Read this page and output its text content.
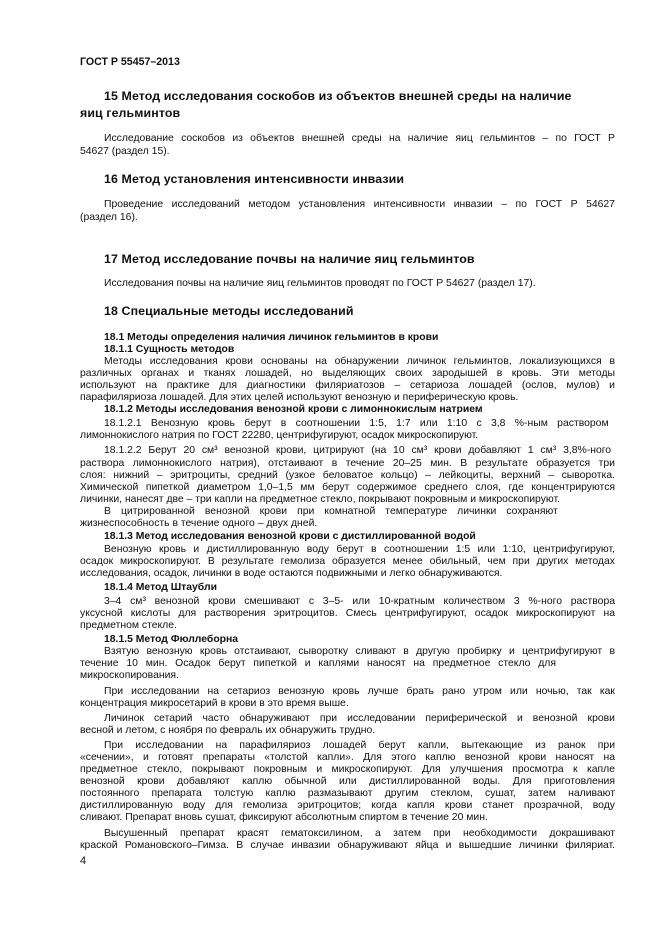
ГОСТ Р 55457–2013
15 Метод исследования соскобов из объектов внешней среды на наличие
яиц гельминтов
Исследование соскобов из объектов внешней среды на наличие яиц гельминтов – по ГОСТ Р
54627 (раздел 15).
16 Метод установления интенсивности инвазии
Проведение исследований методом установления интенсивности инвазии – по ГОСТ Р 54627
(раздел 16).
17 Метод исследование почвы на наличие яиц гельминтов
Исследования почвы на наличие яиц гельминтов проводят по ГОСТ Р 54627 (раздел 17).
18 Специальные методы исследований
18.1 Методы определения наличия личинок гельминтов в крови
18.1.1 Сущность методов
Методы исследования крови основаны на обнаружении личинок гельминтов, локализующихся в
различных органах и тканях лошадей, но выделяющих своих зародышей в кровь. Эти методы
используют на практике для диагностики филяриатозов – сетариоза лошадей (ослов, мулов) и
парафиляриоза лошадей. Для этих целей используют венозную и периферическую кровь.
18.1.2 Методы исследования венозной крови с лимоннокислым натрием
18.1.2.1 Венозную кровь берут в соотношении 1:5, 1:7 или 1:10 с 3,8 %-ным раствором
лимоннокислого натрия по ГОСТ 22280, центрифугируют, осадок микроскопируют.
18.1.2.2 Берут 20 см³ венозной крови, цитрируют (на 10 см³ крови добавляют 1 см³ 3,8%-ного
раствора лимоннокислого натрия), отстаивают в течение 20–25 мин. В результате образуется три
слоя: нижний – эритроциты, средний (узкое беловатое кольцо) – лейкоциты, верхний – сыворотка.
Химической пипеткой диаметром 1,0–1,5 мм берут содержимое среднего слоя, где концентрируются
личинки, нанесят две – три капли на предметное стекло, покрывают покровным и микроскопируют.
В цитрированной венозной крови при комнатной температуре личинки сохраняют
жизнеспособность в течение одного – двух дней.
18.1.3 Метод исследования венозной крови с дистиллированной водой
Венозную кровь и дистиллированную воду берут в соотношении 1:5 или 1:10, центрифугируют,
осадок микроскопируют. В результате гемолиза образуется менее обильный, чем при других методах
исследования, осадок, личинки в воде остаются подвижными и легко обнаруживаются.
18.1.4 Метод Штаубли
3–4 см³ венозной крови смешивают с 3–5- или 10-кратным количеством 3 %-ного раствора
уксусной кислоты для растворения эритроцитов. Смесь центрифугируют, осадок микроскопируют на
предметном стекле.
18.1.5 Метод Фюллеборна
Взятую венозную кровь отстаивают, сыворотку сливают в другую пробирку и центрифугируют в
течение 10 мин. Осадок берут пипеткой и каплями наносят на предметное стекло для
микроскопирования.
При исследовании на сетариоз венозную кровь лучше брать рано утром или ночью, так как
концентрация микросетарий в крови в это время выше.
Личинок сетарий часто обнаруживают при исследовании периферической и венозной крови
весной и летом, с ноября по февраль их обнаружить трудно.
При исследовании на парафиляриоз лошадей берут капли, вытекающие из ранок при
«сечении», и готовят препараты «толстой капли». Для этого каплю венозной крови наносят на
предметное стекло, покрывают покровным и микроскопируют. Для улучшения просмотра к капле
венозной крови добавляют каплю обычной или дистиллированной воды. Для приготовления
постоянного препарата толстую каплю размазывают другим стеклом, сушат, затем наливают
дистиллированную воду для гемолиза эритроцитов; когда капля крови станет прозрачной, воду
сливают. Препарат вновь сушат, фиксируют абсолютным спиртом в течение 20 мин.
Высушенный препарат красят гематоксилином, а затем при необходимости докрашивают
краской Романовского–Гимза. В случае инвазии обнаруживают яйца и вышедшие личинки филяриат.
4
